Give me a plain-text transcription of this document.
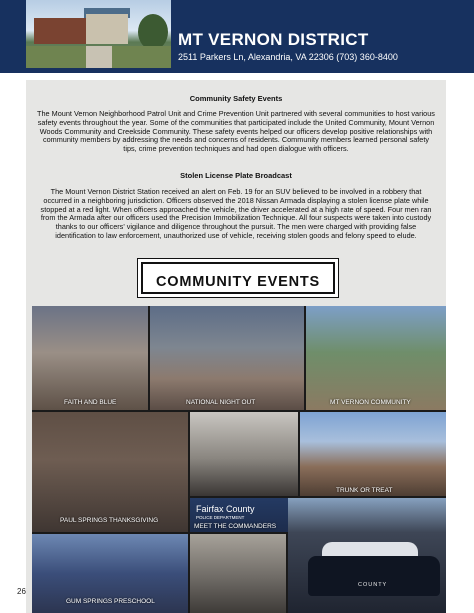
MT VERNON DISTRICT
2511 Parkers Ln, Alexandria, VA 22306 (703) 360-8400
Community Safety Events

The Mount Vernon Neighborhood Patrol Unit and Crime Prevention Unit partnered with several communities to host various safety events throughout the year. Some of the communities that participated include the United Community, Mount Vernon Woods Community and Creekside Community. These safety events helped our officers develop positive relationships with community members by addressing the needs and concerns of residents. Community members learned personal safety tips, crime prevention techniques and had open dialogue with officers.

Stolen License Plate Broadcast

The Mount Vernon District Station received an alert on Feb. 19 for an SUV believed to be involved in a robbery that occurred in a neighboring jurisdiction. Officers observed the 2018 Nissan Armada displaying a stolen license plate while stopped at a red light. When officers approached the vehicle, the driver accelerated at a high rate of speed. Four men ran from the Armada after our officers used the Precision Immobilization Technique. All four suspects were taken into custody thanks to our officers' vigilance and diligence throughout the pursuit. The men were charged with providing false identification to law enforcement, unauthorized use of vehicle, receiving stolen goods and felony speed to elude.

COMMUNITY EVENTS
FAITH AND BLUE	NATIONAL NIGHT OUT	MT VERNON COMMUNITY
PAUL SPRINGS THANKSGIVING
TRUNK OR TREAT
Fairfax County
POLICE DEPARTMENT
MEET THE COMMANDERS
GUM SPRINGS PRESCHOOL
COUNTY
26
